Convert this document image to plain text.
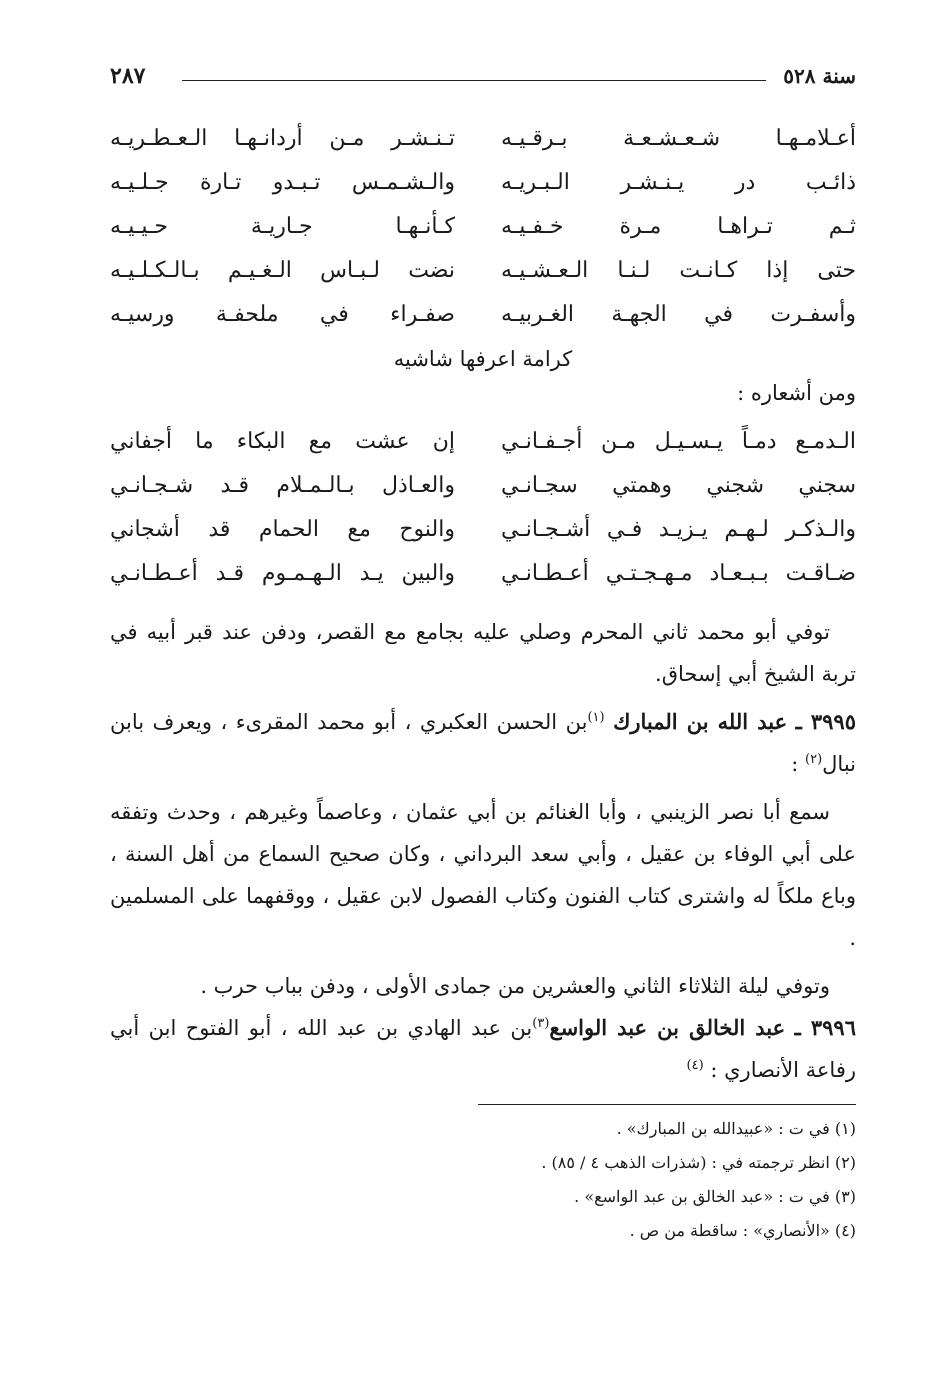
سنة ٥٢٨
٢٨٧
أعـلامـهـا شـعـشـعـة بـرقـيـه
تـنـشـر مـن أردانـهـا الـعـطـريـه
ذائـب در يـنـشـر الـبـريـه
والـشـمـس تـبـدو تـارة جـلـيـه
ثـم تـراهـا مـرة خـفـيـه
كـأنـهـا جـاريـة حـيـيـه
حتى إذا كـانـت لـنـا الـعـشـيـه
نضت لـبـاس الـغـيـم بـالـكـلـيـه
وأسفـرت في الجهـة الغـربيـه
صفـراء في ملحفـة ورسيـه
كرامة اعرفها شاشيه
ومن أشعاره :
الـدمـع دمـاً يـسـيـل مـن أجـفـانـي
إن عشت مع البكاء ما أجفاني
سجني شجني وهمتي سجـانـي
والعـاذل بـالـمـلام قـد شـجـانـي
والـذكـر لـهـم يـزيـد فـي أشـجـانـي
والنوح مع الحمام قد أشجاني
ضـاقـت بـبـعـاد مـهـجـتـي أعـطـانـي
والبين يـد الـهـمـوم قـد أعـطـانـي

توفي أبو محمد ثاني المحرم وصلي عليه بجامع مع القصر، ودفن عند قبر أبيه في تربة الشيخ أبي إسحاق.

٣٩٩٥ ـ عبد الله بن المبارك $^{(١)}$بن الحسن العكبري ، أبو محمد المقرىء ، ويعرف بابن نبال$^{(٢)}$ :

سمع أبا نصر الزينبي ، وأبا الغنائم بن أبي عثمان ، وعاصماً وغيرهم ، وحدث وتفقه على أبي الوفاء بن عقيل ، وأبي سعد البرداني ، وكان صحيح السماع من أهل السنة ، وباع ملكاً له واشترى كتاب الفنون وكتاب الفصول لابن عقيل ، ووقفهما على المسلمين .

وتوفي ليلة الثلاثاء الثاني والعشرين من جمادى الأولى ، ودفن بباب حرب .

٣٩٩٦ ـ عبد الخالق بن عبد الواسع$^{(٣)}$بن عبد الهادي بن عبد الله ، أبو الفتوح ابن أبي رفاعة الأنصاري : $^{(٤)}$

(١) في ت : «عبيدالله بن المبارك» .
(٢) انظر ترجمته في : (شذرات الذهب ٤ / ٨٥) .
(٣) في ت : «عبد الخالق بن عبد الواسع» .
(٤) «الأنصاري» : ساقطة من ص .
